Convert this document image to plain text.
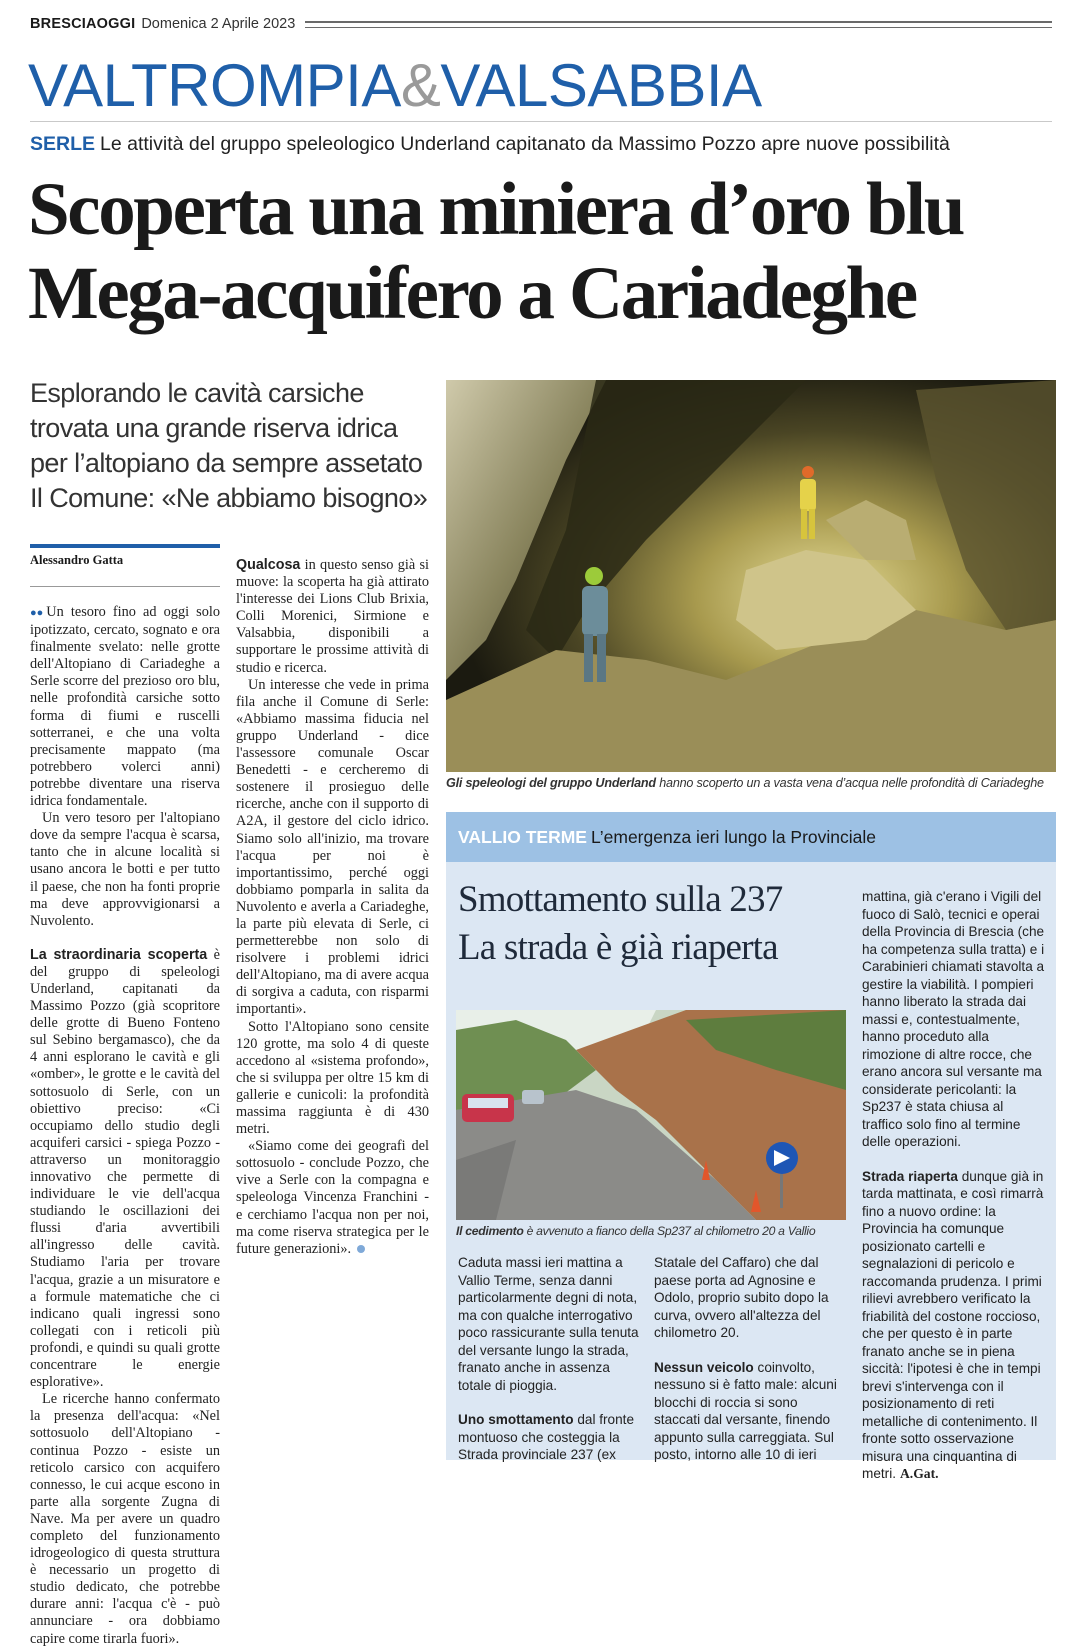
BRESCIAOGGI Domenica 2 Aprile 2023
VALTROMPIA&VALSABBIA
SERLE Le attività del gruppo speleologico Underland capitanato da Massimo Pozzo apre nuove possibilità
Scoperta una miniera d’oro blu
Mega-acquifero a Cariadeghe
Esplorando le cavità carsiche
trovata una grande riserva idrica
per l’altopiano da sempre assetato
Il Comune: «Ne abbiamo bisogno»
Alessandro Gatta

●● Un tesoro fino ad oggi solo ipotizzato, cercato, sognato e ora finalmente svelato: nelle grotte dell'Altopiano di Cariadeghe a Serle scorre del prezioso oro blu, nelle profondità carsiche sotto forma di fiumi e ruscelli sotterranei, e che una volta precisamente mappato (ma potrebbero volerci anni) potrebbe diventare una riserva idrica fondamentale.

Un vero tesoro per l'altopiano dove da sempre l'acqua è scarsa, tanto che in alcune località si usano ancora le botti e per tutto il paese, che non ha fonti proprie ma deve approvvigionarsi a Nuvolento.

La straordinaria scoperta è del gruppo di speleologi Underland, capitanati da Massimo Pozzo (già scopritore delle grotte di Bueno Fonteno sul Sebino bergamasco), che da 4 anni esplorano le cavità e gli «omber», le grotte e le cavità del sottosuolo di Serle, con un obiettivo preciso: «Ci occupiamo dello studio degli acquiferi carsici - spiega Pozzo - attraverso un monitoraggio innovativo che permette di individuare le vie dell'acqua studiando le oscillazioni dei flussi d'aria avvertibili all'ingresso delle cavità. Studiamo l'aria per trovare l'acqua, grazie a un misuratore e a formule matematiche che ci indicano quali ingressi sono collegati con i reticoli più profondi, e quindi su quali grotte concentrare le energie esplorative».

Le ricerche hanno confermato la presenza dell'acqua: «Nel sottosuolo dell'Altopiano - continua Pozzo - esiste un reticolo carsico con acquifero connesso, le cui acque escono in parte alla sorgente Zugna di Nave. Ma per avere un quadro completo del funzionamento idrogeologico di questa struttura è necessario un progetto di studio dedicato, che potrebbe durare anni: l'acqua c'è - può annunciare - ora dobbiamo capire come tirarla fuori».

Qualcosa in questo senso già si muove: la scoperta ha già attirato l'interesse dei Lions Club Brixia, Colli Morenici, Sirmione e Valsabbia, disponibili a supportare le prossime attività di studio e ricerca.

Un interesse che vede in prima fila anche il Comune di Serle: «Abbiamo massima fiducia nel gruppo Underland - dice l'assessore comunale Oscar Benedetti - e cercheremo di sostenere il prosieguo delle ricerche, anche con il supporto di A2A, il gestore del ciclo idrico. Siamo solo all'inizio, ma trovare l'acqua per noi è importantissimo, perché oggi dobbiamo pomparla in salita da Nuvolento e averla a Cariadeghe, la parte più elevata di Serle, ci permetterebbe non solo di risolvere i problemi idrici dell'Altopiano, ma di avere acqua di sorgiva a caduta, con risparmi importanti».

Sotto l'Altopiano sono censite 120 grotte, ma solo 4 di queste accedono al «sistema profondo», che si sviluppa per oltre 15 km di gallerie e cunicoli: la profondità massima raggiunta è di 430 metri.

«Siamo come dei geografi del sottosuolo - conclude Pozzo, che vive a Serle con la compagna e speleologa Vincenza Franchini - e cerchiamo l'acqua non per noi, ma come riserva strategica per le future generazioni».

Gli speleologi del gruppo Underland hanno scoperto un a vasta vena d’acqua nelle profondità di Cariadeghe
VALLIO TERME L’emergenza ieri lungo la Provinciale
Smottamento sulla 237
La strada è già riaperta
Il cedimento è avvenuto a fianco della Sp237 al chilometro 20 a Vallio

Caduta massi ieri mattina a Vallio Terme, senza danni particolarmente degni di nota, ma con qualche interrogativo poco rassicurante sulla tenuta del versante lungo la strada, franato anche in assenza totale di pioggia.

Uno smottamento dal fronte montuoso che costeggia la Strada provinciale 237 (ex

Statale del Caffaro) che dal paese porta ad Agnosine e Odolo, proprio subito dopo la curva, ovvero all'altezza del chilometro 20.

Nessun veicolo coinvolto, nessuno si è fatto male: alcuni blocchi di roccia si sono staccati dal versante, finendo appunto sulla carreggiata. Sul posto, intorno alle 10 di ieri

mattina, già c'erano i Vigili del fuoco di Salò, tecnici e operai della Provincia di Brescia (che ha competenza sulla tratta) e i Carabinieri chiamati stavolta a gestire la viabilità. I pompieri hanno liberato la strada dai massi e, contestualmente, hanno proceduto alla rimozione di altre rocce, che erano ancora sul versante ma considerate pericolanti: la Sp237 è stata chiusa al traffico solo fino al termine delle operazioni.

Strada riaperta dunque già in tarda mattinata, e così rimarrà fino a nuovo ordine: la Provincia ha comunque posizionato cartelli e segnalazioni di pericolo e raccomanda prudenza. I primi rilievi avrebbero verificato la friabilità del costone roccioso, che per questo è in parte franato anche se in piena siccità: l'ipotesi è che in tempi brevi s'intervenga con il posizionamento di reti metalliche di contenimento. Il fronte sotto osservazione misura una cinquantina di metri. A.Gat.
